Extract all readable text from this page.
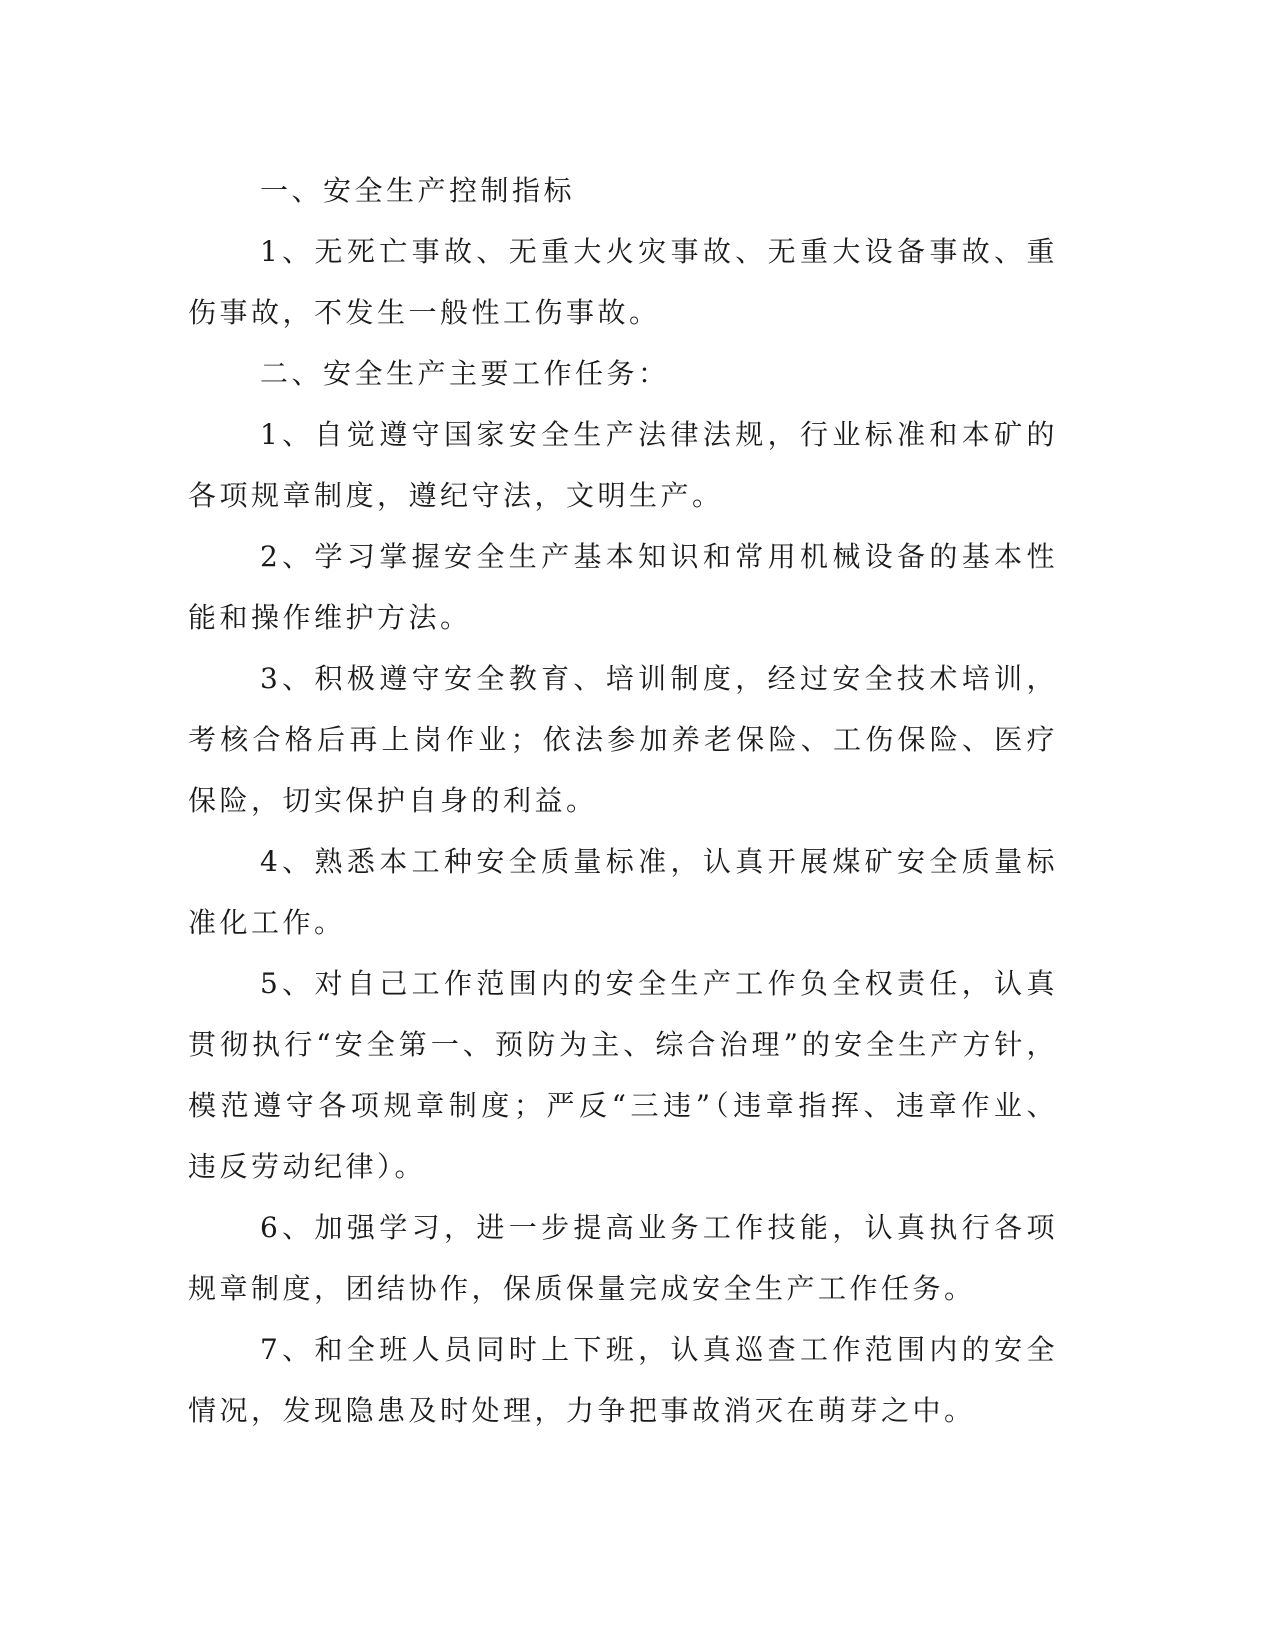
一、安全生产控制指标

1、无死亡事故、无重大火灾事故、无重大设备事故、重伤事故，不发生一般性工伤事故。

二、安全生产主要工作任务：

1、自觉遵守国家安全生产法律法规，行业标准和本矿的各项规章制度，遵纪守法，文明生产。

2、学习掌握安全生产基本知识和常用机械设备的基本性能和操作维护方法。

3、积极遵守安全教育、培训制度，经过安全技术培训，考核合格后再上岗作业；依法参加养老保险、工伤保险、医疗保险，切实保护自身的利益。

4、熟悉本工种安全质量标准，认真开展煤矿安全质量标准化工作。

5、对自己工作范围内的安全生产工作负全权责任，认真贯彻执行“安全第一、预防为主、综合治理”的安全生产方针，模范遵守各项规章制度；严反“三违”（违章指挥、违章作业、违反劳动纪律）。

6、加强学习，进一步提高业务工作技能，认真执行各项规章制度，团结协作，保质保量完成安全生产工作任务。

7、和全班人员同时上下班，认真巡查工作范围内的安全情况，发现隐患及时处理，力争把事故消灭在萌芽之中。
